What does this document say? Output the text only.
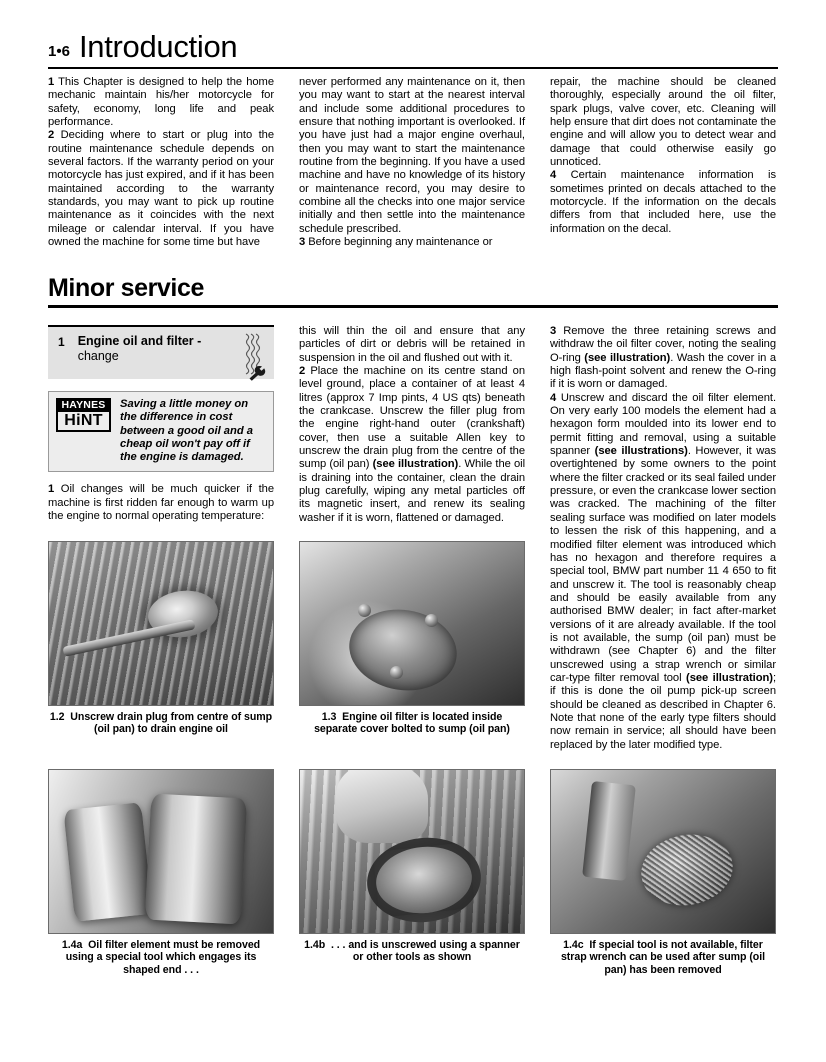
1•6 Introduction

1 This Chapter is designed to help the home mechanic maintain his/her motorcycle for safety, economy, long life and peak performance.

2 Deciding where to start or plug into the routine maintenance schedule depends on several factors. If the warranty period on your motorcycle has just expired, and if it has been maintained according to the warranty standards, you may want to pick up routine maintenance as it coincides with the next mileage or calendar interval. If you have owned the machine for some time but have

never performed any maintenance on it, then you may want to start at the nearest interval and include some additional procedures to ensure that nothing important is overlooked. If you have just had a major engine overhaul, then you may want to start the maintenance routine from the beginning. If you have a used machine and have no knowledge of its history or maintenance record, you may desire to combine all the checks into one major service initially and then settle into the maintenance schedule prescribed.

3 Before beginning any maintenance or

repair, the machine should be cleaned thoroughly, especially around the oil filter, spark plugs, valve cover, etc. Cleaning will help ensure that dirt does not contaminate the engine and will allow you to detect wear and damage that could otherwise easily go unnoticed.

4 Certain maintenance information is sometimes printed on decals attached to the motorcycle. If the information on the decals differs from that included here, use the information on the decal.

Minor service
1 Engine oil and filter -
change
HAYNES
HiNT
Saving a little money on the difference in cost between a good oil and a cheap oil won't pay off if the engine is damaged.

1 Oil changes will be much quicker if the machine is first ridden far enough to warm up the engine to normal operating temperature:

this will thin the oil and ensure that any particles of dirt or debris will be retained in suspension in the oil and flushed out with it.

2 Place the machine on its centre stand on level ground, place a container of at least 4 litres (approx 7 Imp pints, 4 US qts) beneath the crankcase. Unscrew the filler plug from the engine right-hand outer (crankshaft) cover, then use a suitable Allen key to unscrew the drain plug from the centre of the sump (oil pan) (see illustration). While the oil is draining into the container, clean the drain plug carefully, wiping any metal particles off its magnetic insert, and renew its sealing washer if it is worn, flattened or damaged.

3 Remove the three retaining screws and withdraw the oil filter cover, noting the sealing O-ring (see illustration). Wash the cover in a high flash-point solvent and renew the O-ring if it is worn or damaged.

4 Unscrew and discard the oil filter element. On very early 100 models the element had a hexagon form moulded into its lower end to permit fitting and removal, using a suitable spanner (see illustrations). However, it was overtightened by some owners to the point where the filter cracked or its seal failed under pressure, or even the crankcase lower section was cracked. The machining of the filter sealing surface was modified on later models to lessen the risk of this happening, and a modified filter element was introduced which has no hexagon and therefore requires a special tool, BMW part number 11 4 650 to fit and unscrew it. The tool is reasonably cheap and should be easily available from any authorised BMW dealer; in fact after-market versions of it are already available. If the tool is not available, the sump (oil pan) must be withdrawn (see Chapter 6) and the filter unscrewed using a strap wrench or similar car-type filter removal tool (see illustration); if this is done the oil pump pick-up screen should be cleaned as described in Chapter 6. Note that none of the early type filters should now remain in service; all should have been replaced by the later modified type.

1.2 Unscrew drain plug from centre of sump (oil pan) to drain engine oil
1.3 Engine oil filter is located inside separate cover bolted to sump (oil pan)
1.4a Oil filter element must be removed using a special tool which engages its shaped end . . .
1.4b . . . and is unscrewed using a spanner or other tools as shown
1.4c If special tool is not available, filter strap wrench can be used after sump (oil pan) has been removed
